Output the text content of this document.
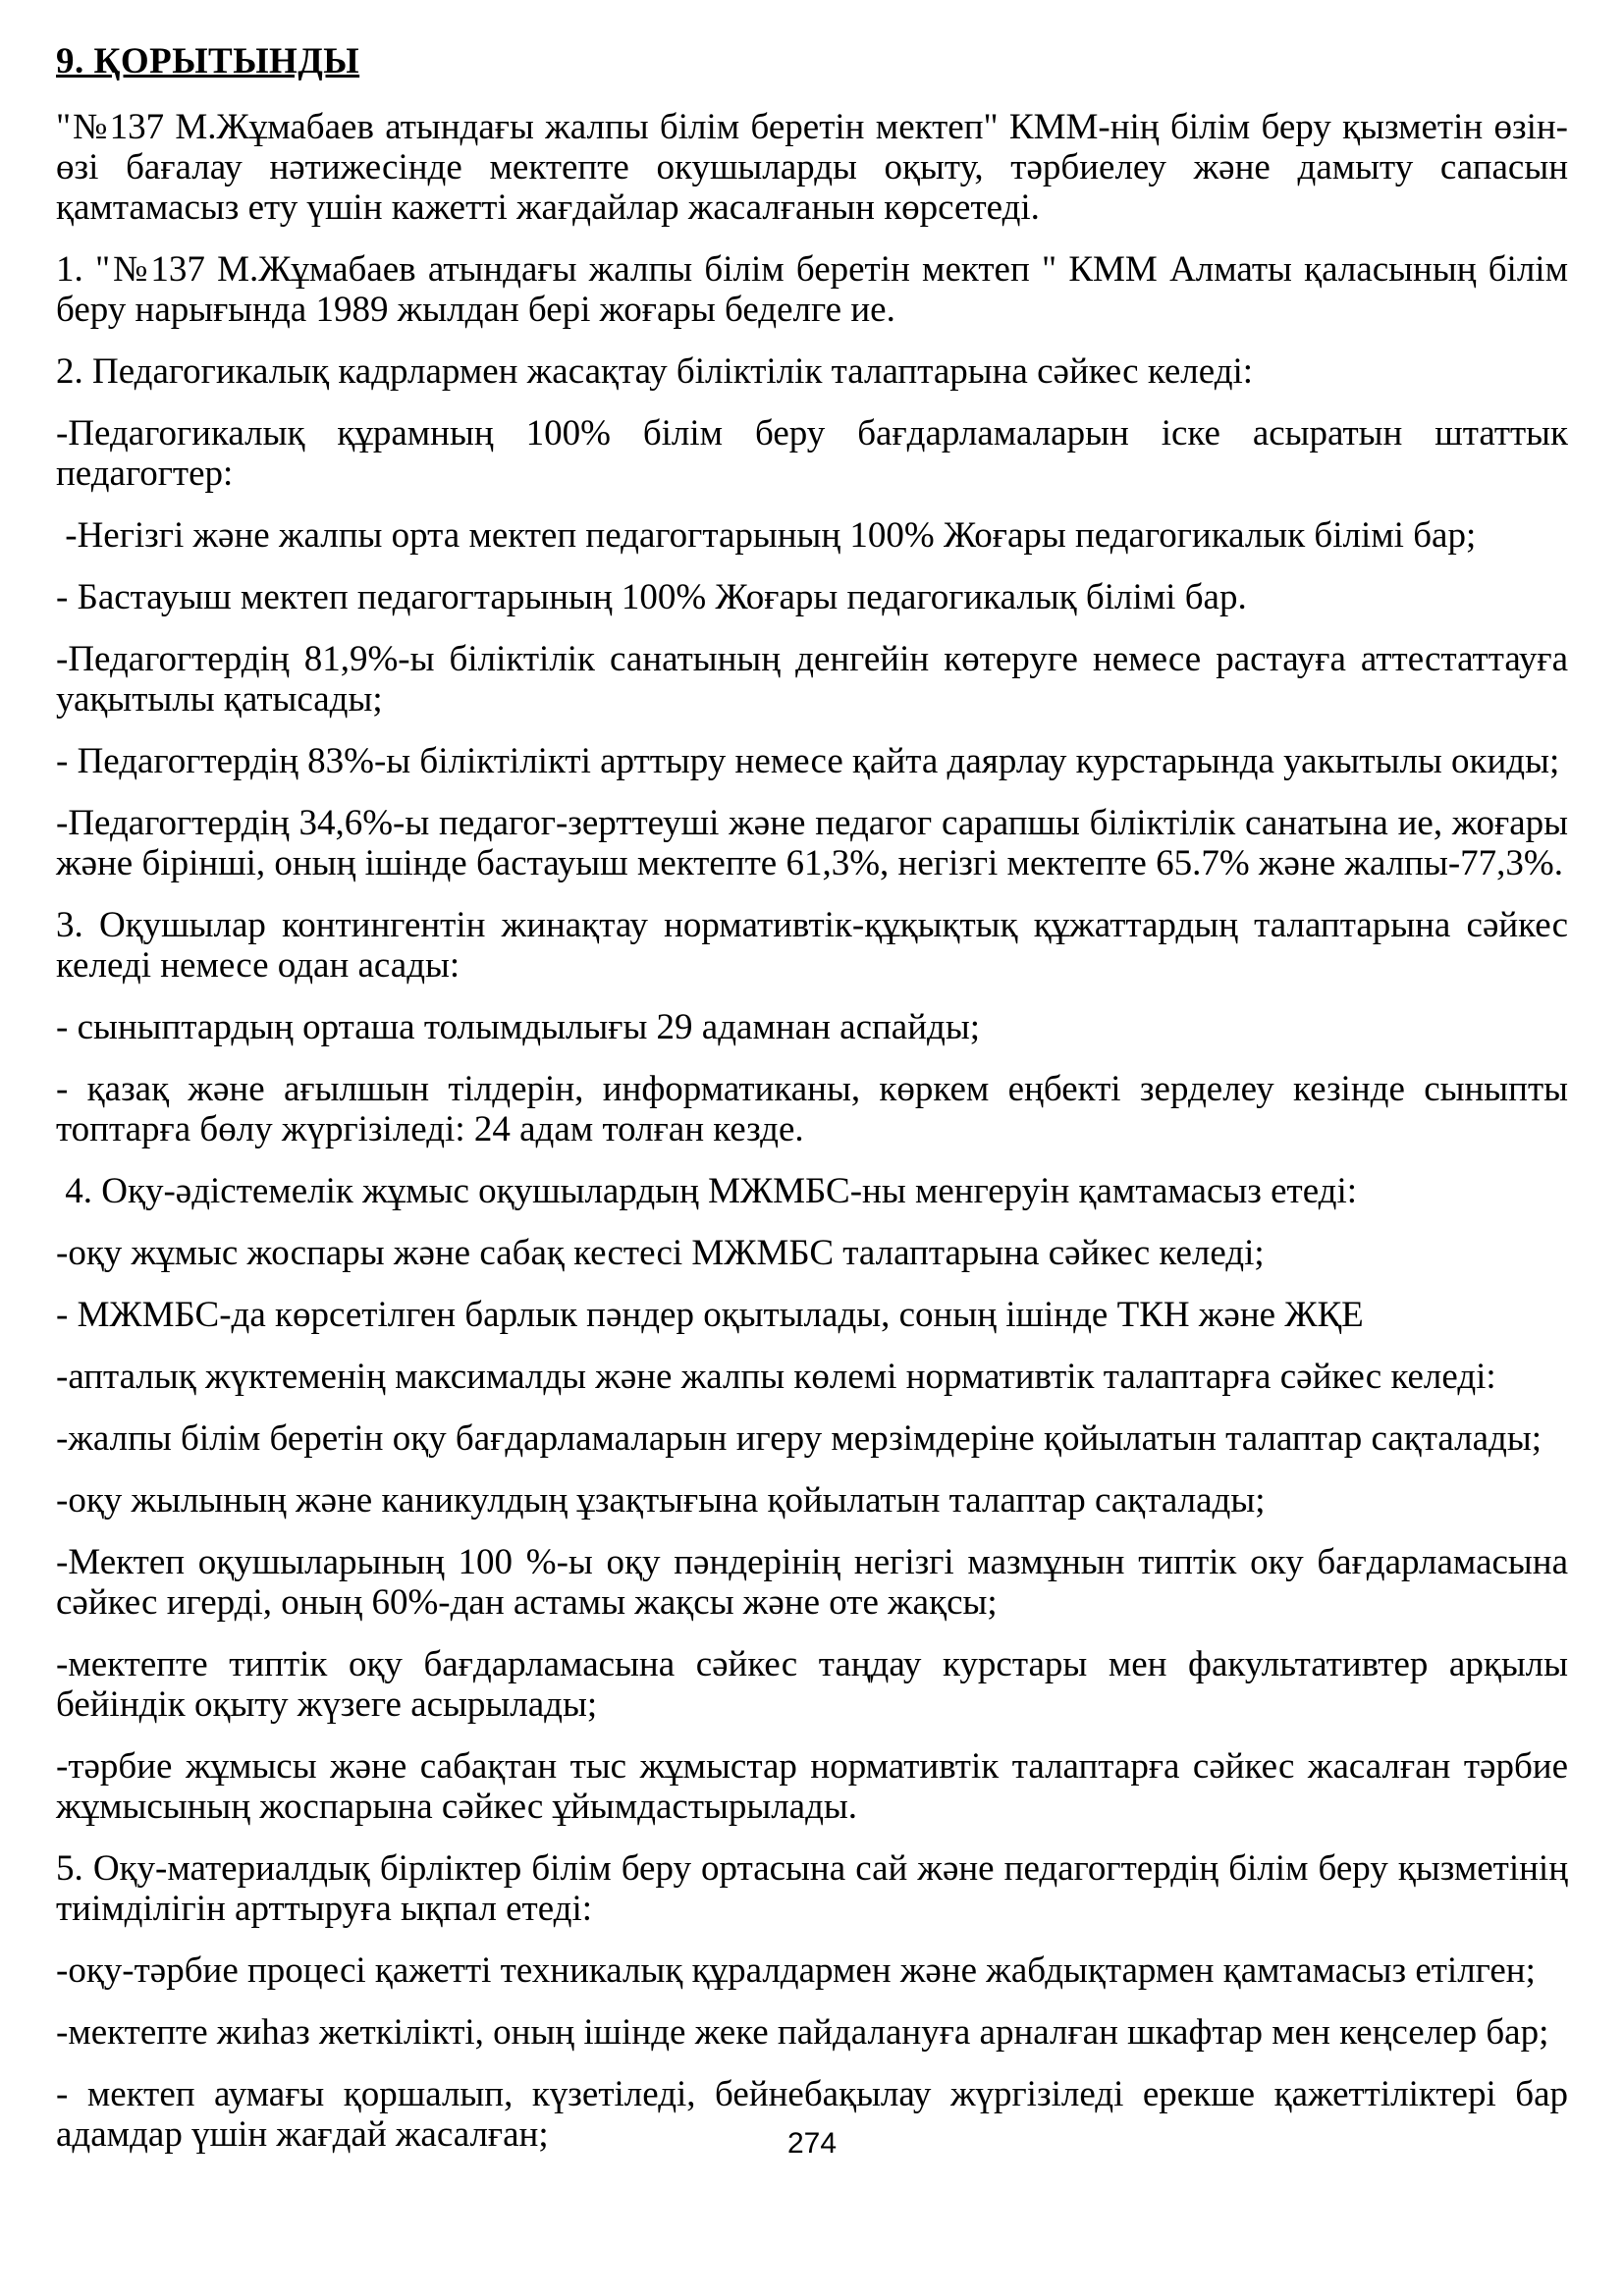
9. ҚОРЫТЫНДЫ

"№137 М.Жұмабаев атындағы жалпы білім беретін мектеп" КММ-нің білім беру қызметін өзін-өзі бағалау нәтижесінде мектепте окушыларды оқыту, тәрбиелеу және дамыту сапасын қамтамасыз ету үшін кажетті жағдайлар жасалғанын көрсетеді.

1. "№137 М.Жұмабаев атындағы жалпы білім беретін мектеп " КММ Алматы қаласының білім беру нарығында 1989 жылдан бері жоғары беделге ие.

2. Педагогикалық кадрлармен жасақтау біліктілік талаптарына сәйкес келеді:

-Педагогикалық құрамның 100% білім беру бағдарламаларын іске асыратын штаттык педагогтер:

-Негізгі және жалпы орта мектеп педагогтарының 100% Жоғары педагогикалык білімі бар;

- Бастауыш мектеп педагогтарының 100% Жоғары педагогикалық білімі бар.

-Педагогтердің 81,9%-ы біліктілік санатының денгейін көтеруге немесе растауға аттестаттауға уақытылы қатысады;

- Педагогтердің 83%-ы біліктілікті арттыру немесе қайта даярлау курстарында уакытылы окиды;

-Педагогтердің 34,6%-ы педагог-зерттеуші және педагог сарапшы біліктілік санатына ие, жоғары және бірінші, оның ішінде бастауыш мектепте 61,3%, негізгі мектепте 65.7% және жалпы-77,3%.

3. Оқушылар контингентін жинақтау нормативтік-құқықтық құжаттардың талаптарына сәйкес келеді немесе одан асады:

- сыныптардың орташа толымдылығы 29 адамнан аспайды;

- қазақ және ағылшын тілдерін, информатиканы, көркем еңбекті зерделеу кезінде сыныпты топтарға бөлу жүргізіледі: 24 адам толған кезде.

4. Оқу-әдістемелік жұмыс оқушылардың МЖМБС-ны менгеруін қамтамасыз етеді:

-оқу жұмыс жоспары және сабақ кестесі МЖМБС талаптарына сәйкес келеді;

- МЖМБС-да көрсетілген барлык пәндер оқытылады, соның ішінде ТКН және ЖҚЕ

-апталық жүктеменің максималды және жалпы көлемі нормативтік талаптарға сәйкес келеді:

-жалпы білім беретін оқу бағдарламаларын игеру мерзімдеріне қойылатын талаптар сақталады;

-оқу жылының және каникулдың ұзақтығына қойылатын талаптар сақталады;

-Мектеп оқушыларының 100 %-ы оқу пәндерінің негізгі мазмұнын типтік оку бағдарламасына сәйкес игерді, оның 60%-дан астамы жақсы және оте жақсы;

-мектепте типтік оқу бағдарламасына сәйкес таңдау курстары мен факультативтер арқылы бейіндік оқыту жүзеге асырылады;

-тәрбие жұмысы және сабақтан тыс жұмыстар нормативтік талаптарға сәйкес жасалған тәрбие жұмысының жоспарына сәйкес ұйымдастырылады.

5. Оқу-материалдық бірліктер білім беру ортасына сай және педагогтердің білім беру қызметінің тиімділігін арттыруға ықпал етеді:

-оқу-тәрбие процесі қажетті техникалық құралдармен және жабдықтармен қамтамасыз етілген;

-мектепте жиһаз жеткілікті, оның ішінде жеке пайдалануға арналған шкафтар мен кеңселер бар;

- мектеп аумағы қоршалып, күзетіледі, бейнебақылау жүргізіледі ерекше қажеттіліктері бар адамдар үшін жағдай жасалған;	274
